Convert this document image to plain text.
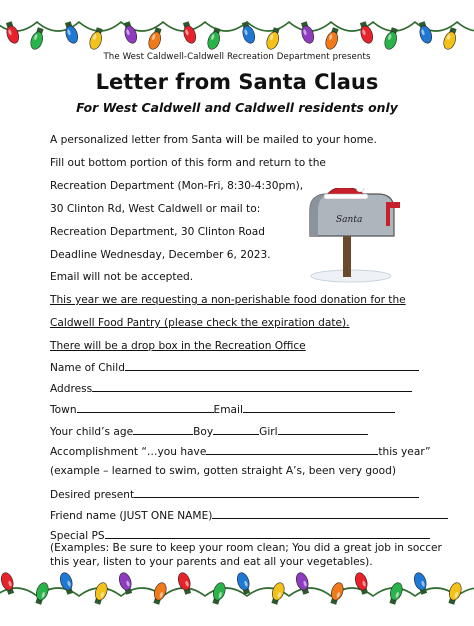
The West Caldwell-Caldwell Recreation Department presents
Letter from Santa Claus
For West Caldwell and Caldwell residents only
A personalized letter from Santa will be mailed to your home.
Fill out bottom portion of this form and return to the
Recreation Department (Mon-Fri, 8:30-4:30pm),
30 Clinton Rd, West Caldwell or mail to:
Recreation Department, 30 Clinton Road
Deadline Wednesday, December 6, 2023.
Email will not be accepted.
Santa
This year we are requesting a non-perishable food donation for the
Caldwell Food Pantry (please check the expiration date).
There will be a drop box in the Recreation Office
Name of Child
Address
Town	Email
Your child’s age	Boy	Girl
Accomplishment “…you have	this year”
(example – learned to swim, gotten straight A’s, been very good)
Desired present
Friend name (JUST ONE NAME)
Special PS
(Examples: Be sure to keep your room clean; You did a great job in soccer this year, listen to your parents and eat all your vegetables).
